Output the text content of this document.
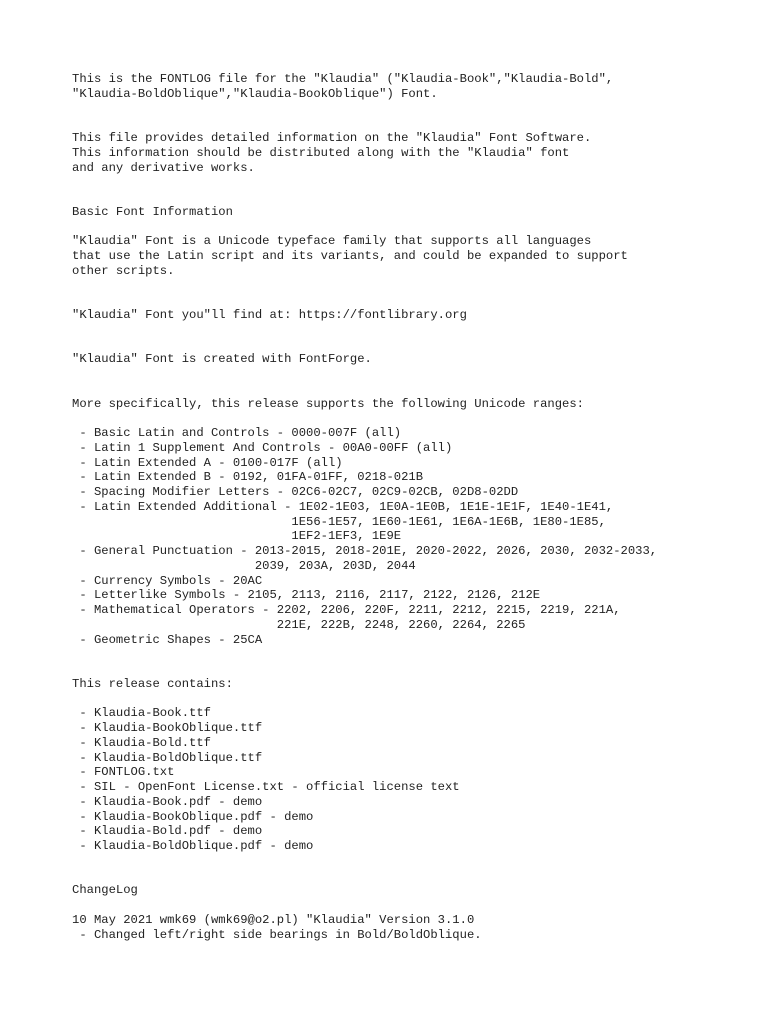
This is the FONTLOG file for the "Klaudia" ("Klaudia-Book","Klaudia-Bold",
"Klaudia-BoldOblique","Klaudia-BookOblique") Font.

This file provides detailed information on the "Klaudia" Font Software.
This information should be distributed along with the "Klaudia" font
and any derivative works.

Basic Font Information

"Klaudia" Font is a Unicode typeface family that supports all languages
that use the Latin script and its variants, and could be expanded to support
other scripts.

"Klaudia" Font you"ll find at: https://fontlibrary.org

"Klaudia" Font is created with FontForge.

More specifically, this release supports the following Unicode ranges:

- Basic Latin and Controls - 0000-007F (all)
- Latin 1 Supplement And Controls - 00A0-00FF (all)
- Latin Extended A - 0100-017F (all)
- Latin Extended B - 0192, 01FA-01FF, 0218-021B
- Spacing Modifier Letters - 02C6-02C7, 02C9-02CB, 02D8-02DD
- Latin Extended Additional - 1E02-1E03, 1E0A-1E0B, 1E1E-1E1F, 1E40-1E41,
1E56-1E57, 1E60-1E61, 1E6A-1E6B, 1E80-1E85,
1EF2-1EF3, 1E9E
- General Punctuation - 2013-2015, 2018-201E, 2020-2022, 2026, 2030, 2032-2033,
2039, 203A, 203D, 2044
- Currency Symbols - 20AC
- Letterlike Symbols - 2105, 2113, 2116, 2117, 2122, 2126, 212E
- Mathematical Operators - 2202, 2206, 220F, 2211, 2212, 2215, 2219, 221A,
221E, 222B, 2248, 2260, 2264, 2265
- Geometric Shapes - 25CA

This release contains:

- Klaudia-Book.ttf
- Klaudia-BookOblique.ttf
- Klaudia-Bold.ttf
- Klaudia-BoldOblique.ttf
- FONTLOG.txt
- SIL - OpenFont License.txt - official license text
- Klaudia-Book.pdf - demo
- Klaudia-BookOblique.pdf - demo
- Klaudia-Bold.pdf - demo
- Klaudia-BoldOblique.pdf - demo

ChangeLog

10 May 2021 wmk69 (wmk69@o2.pl) "Klaudia" Version 3.1.0
- Changed left/right side bearings in Bold/BoldOblique.
